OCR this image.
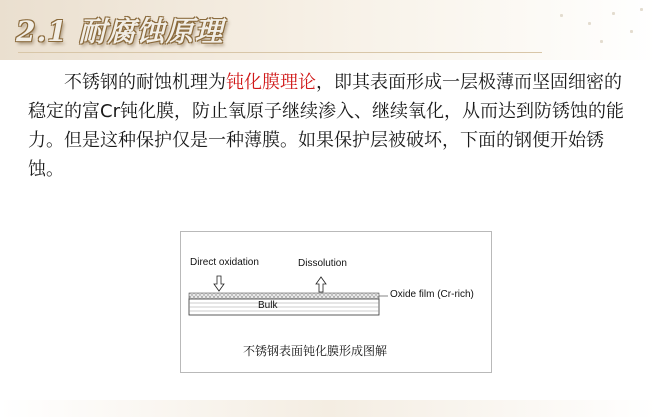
2.1 耐腐蚀原理
不锈钢的耐蚀机理为钝化膜理论，即其表面形成一层极薄而坚固细密的稳定的富Cr钝化膜，防止氧原子继续渗入、继续氧化，从而达到防锈蚀的能力。但是这种保护仅是一种薄膜。如果保护层被破坏，下面的钢便开始锈蚀。
Direct oxidation	Dissolution
Oxide film (Cr-rich)
Bulk
不锈钢表面钝化膜形成图解
